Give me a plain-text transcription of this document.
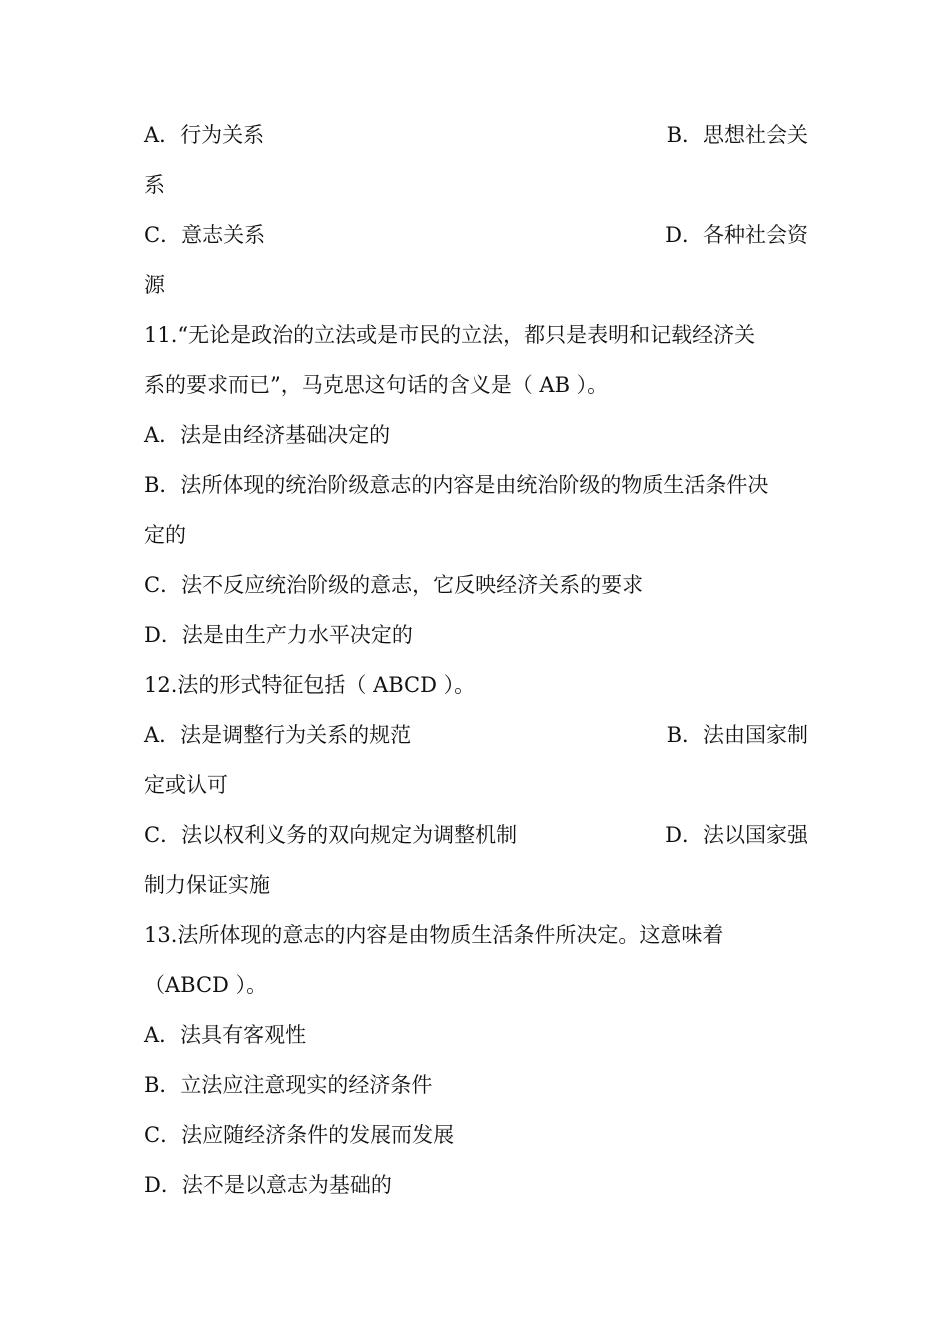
A．行为关系	B．思想社会关
系
C．意志关系	D．各种社会资
源
11.“无论是政治的立法或是市民的立法，都只是表明和记载经济关
系的要求而已”，马克思这句话的含义是（ AB ）。
A．法是由经济基础决定的
B．法所体现的统治阶级意志的内容是由统治阶级的物质生活条件决
定的
C．法不反应统治阶级的意志，它反映经济关系的要求
D．法是由生产力水平决定的
12.法的形式特征包括（ ABCD ）。
A．法是调整行为关系的规范	B．法由国家制
定或认可
C．法以权利义务的双向规定为调整机制	D．法以国家强
制力保证实施
13.法所体现的意志的内容是由物质生活条件所决定。这意味着
（ABCD ）。
A．法具有客观性
B．立法应注意现实的经济条件
C．法应随经济条件的发展而发展
D．法不是以意志为基础的
